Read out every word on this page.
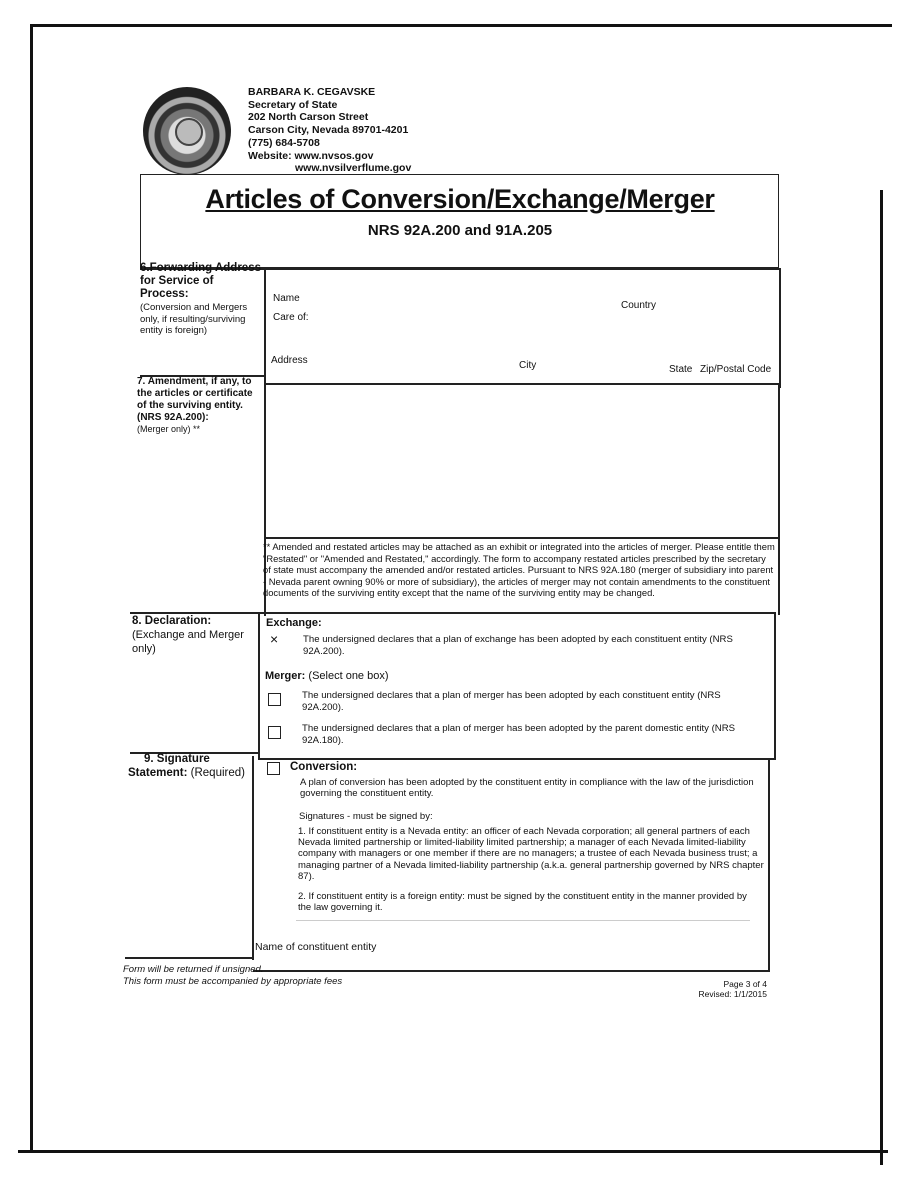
BARBARA K. CEGAVSKE
Secretary of State
202 North Carson Street
Carson City, Nevada 89701-4201
(775) 684-5708
Website: www.nvsos.gov
www.nvsilverflume.gov
Articles of Conversion/Exchange/Merger
NRS 92A.200 and 91A.205
6.Forwarding Address for Service of Process:
(Conversion and Mergers only, if resulting/surviving entity is foreign)
Name
Country
Care of:
Address	City	State Zip/Postal Code
7. Amendment, if any, to the articles or certificate of the surviving entity. (NRS 92A.200):
(Merger only) **
** Amended and restated articles may be attached as an exhibit or integrated into the articles of merger. Please entitle them "Restated" or "Amended and Restated," accordingly. The form to accompany restated articles prescribed by the secretary of state must accompany the amended and/or restated articles. Pursuant to NRS 92A.180 (merger of subsidiary into parent - Nevada parent owning 90% or more of subsidiary), the articles of merger may not contain amendments to the constituent documents of the surviving entity except that the name of the surviving entity may be changed.
8. Declaration:
(Exchange and Merger only)
Exchange:
×	The undersigned declares that a plan of exchange has been adopted by each constituent entity (NRS 92A.200).
Merger: (Select one box)
The undersigned declares that a plan of merger has been adopted by each constituent entity (NRS 92A.200).
The undersigned declares that a plan of merger has been adopted by the parent domestic entity (NRS 92A.180).
9. Signature
Statement: (Required)	Conversion:
A plan of conversion has been adopted by the constituent entity in compliance with the law of the jurisdiction governing the constituent entity.
Signatures - must be signed by:
1. If constituent entity is a Nevada entity: an officer of each Nevada corporation; all general partners of each Nevada limited partnership or limited-liability limited partnership; a manager of each Nevada limited-liability company with managers or one member if there are no managers; a trustee of each Nevada business trust; a managing partner of a Nevada limited-liability partnership (a.k.a. general partnership governed by NRS chapter 87).
2. If constituent entity is a foreign entity: must be signed by the constituent entity in the manner provided by the law governing it.
Name of constituent entity
Form will be returned if unsigned.
This form must be accompanied by appropriate fees	Page 3 of 4
Revised: 1/1/2015
